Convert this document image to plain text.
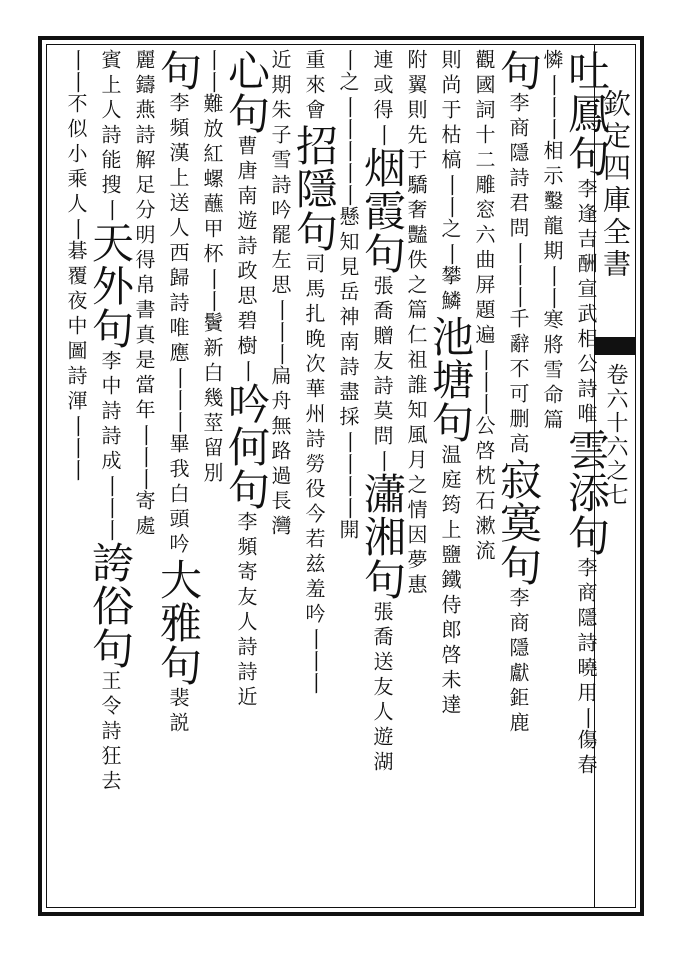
欽定四庫全書
卷六十六之七
吐鳳句李逢吉酬宣武相公詩唯雲添句李商隱詩曉用丨傷春
憐丨丨丨相示鑿龍期丨丨寒將雪命篇
句李商隱詩君問丨丨丨千辭不可删高寂寞句李商隱獻鉅鹿
觀國詞十二雕窓六曲屏題遍丨丨丨公啓枕石漱流
則尚于枯槁丨丨之丨攀鱗池塘句温庭筠上鹽鐵侍郎啓未達
附翼則先于驕奢豔佚之篇仁祖誰知風月之情因夢惠
連或得丨烟霞句張喬贈友詩莫問丨瀟湘句張喬送友人遊湖
丨之丨丨丨丨丨懸知見岳神南詩盡採丨丨丨丨開
重來會招隱句司馬扎晚次華州詩勞役今若兹羞吟丨丨丨
近期朱子雪詩吟罷左思丨丨丨扁舟無路過長灣
心句曹唐南遊詩政思碧樹丨吟何句李頻寄友人詩詩近
丨丨難放紅螺蘸甲杯丨丨鬢新白幾莖留別
句李頻漢上送人西歸詩唯應丨丨丨畢我白頭吟大雅句裴説
麗鑄燕詩解足分明得帛書真是當年丨丨丨寄處
賓上人詩能搜丨天外句李中詩詩成丨丨丨誇俗句王令詩狂去
丨丨不似小乘人丨碁覆夜中圖詩渾丨丨丨
